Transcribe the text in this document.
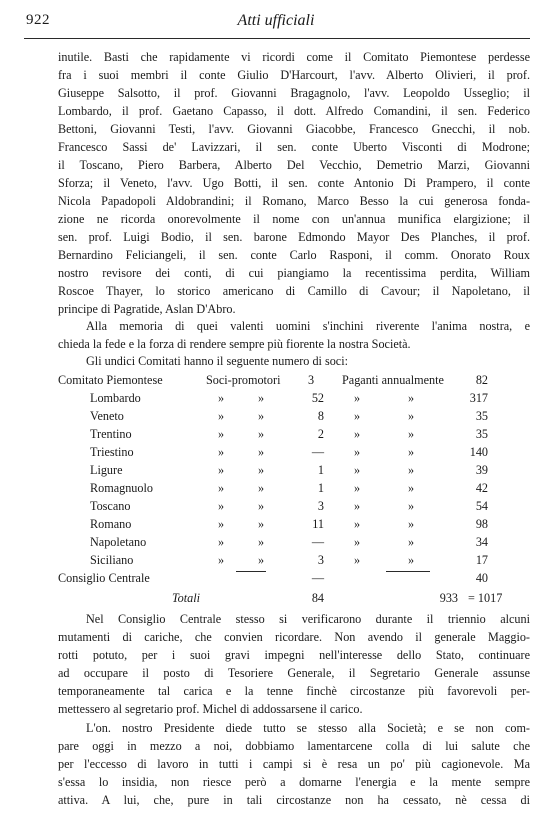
922	Atti ufficiali
inutile. Basti che rapidamente vi ricordi come il Comitato Piemontese perdesse
fra i suoi membri il conte Giulio D'Harcourt, l'avv. Alberto Olivieri, il prof.
Giuseppe Salsotto, il prof. Giovanni Bragagnolo, l'avv. Leopoldo Usseglio; il
Lombardo, il prof. Gaetano Capasso, il dott. Alfredo Comandini, il sen. Federico
Bettoni, Giovanni Testi, l'avv. Giovanni Giacobbe, Francesco Gnecchi, il nob.
Francesco Sassi de' Lavizzari, il sen. conte Uberto Visconti di Modrone;
il Toscano, Piero Barbera, Alberto Del Vecchio, Demetrio Marzi, Giovanni
Sforza; il Veneto, l'avv. Ugo Botti, il sen. conte Antonio Di Prampero, il conte
Nicola Papadopoli Aldobrandini; il Romano, Marco Besso la cui generosa fonda-
zione ne ricorda onorevolmente il nome con un'annua munifica elargizione; il
sen. prof. Luigi Bodio, il sen. barone Edmondo Mayor Des Planches, il prof.
Bernardino Feliciangeli, il sen. conte Carlo Rasponi, il comm. Onorato Roux
nostro revisore dei conti, di cui piangiamo la recentissima perdita, William
Roscoe Thayer, lo storico americano di Camillo di Cavour; il Napoletano, il
principe di Pagratide, Aslan D'Abro.
Alla memoria di quei valenti uomini s'inchini riverente l'anima nostra, e
chieda la fede e la forza di rendere sempre più fiorente la nostra Società.
Gli undici Comitati hanno il seguente numero di soci:
Comitato Piemontese	Soci-promotori 3 Paganti annualmente	82
Lombardo	»	»	52 »	»	317
Veneto	»	»	8 »	»	35
Trentino	»	»	2 »	»	35
Triestino	»	»	— »	»	140
Ligure	»	»	1 »	»	39
Romagnuolo	»	»	1 »	»	42
Toscano	»	»	3 »	»	54
Romano	»	»	11 »	»	98
Napoletano	»	»	— »	»	34
Siciliano	»	»	3 »	»	17
Consiglio Centrale	—	40
Totali	84	933 = 1017
Nel Consiglio Centrale stesso si verificarono durante il triennio alcuni
mutamenti di cariche, che convien ricordare. Non avendo il generale Maggio-
rotti potuto, per i suoi gravi impegni nell'interesse dello Stato, continuare
ad occupare il posto di Tesoriere Generale, il Segretario Generale assunse
temporaneamente tal carica e la tenne finchè circostanze più favorevoli per-
mettessero al segretario prof. Michel di addossarsene il carico.
L'on. nostro Presidente diede tutto se stesso alla Società; e se non com-
pare oggi in mezzo a noi, dobbiamo lamentarcene colla di lui salute che
per l'eccesso di lavoro in tutti i campi si è resa un po' più cagionevole. Ma
s'essa lo insidia, non riesce però a domarne l'energia e la mente sempre
attiva. A lui, che, pure in tali circostanze non ha cessato, nè cessa di
